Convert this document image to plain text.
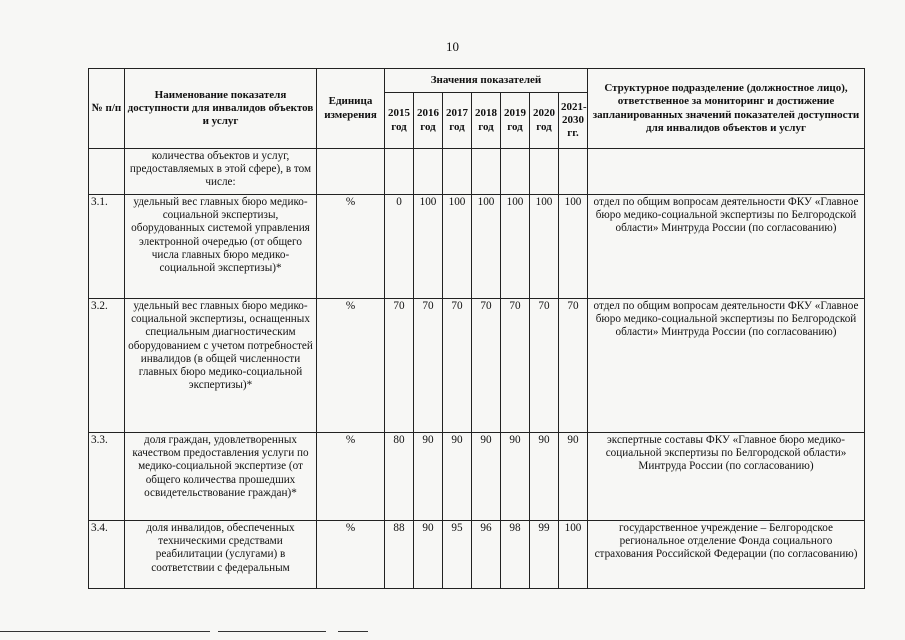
10
№ п/п	Наименование показателя доступности для инвалидов объектов и услуг	Единица измерения	Значения показателей							Структурное подразделение (должностное лицо), ответственное за мониторинг и достижение запланированных значений показателей доступности для инвалидов объектов и услуг
			2015 год	2016 год	2017 год	2018 год	2019 год	2020 год	2021-2030 гг.	
	количества объектов и услуг, предоставляемых в этой сфере), в том числе:									
3.1.	удельный вес главных бюро медико-социальной экспертизы, оборудованных системой управления электронной очередью (от общего числа главных бюро медико-социальной экспертизы)*	%	0	100	100	100	100	100	100	отдел по общим вопросам деятельности ФКУ «Главное бюро медико-социальной экспертизы по Белгородской области» Минтруда России (по согласованию)
3.2.	удельный вес главных бюро медико-социальной экспертизы, оснащенных специальным диагностическим оборудованием с учетом потребностей инвалидов (в общей численности главных бюро медико-социальной экспертизы)*	%	70	70	70	70	70	70	70	отдел по общим вопросам деятельности ФКУ «Главное бюро медико-социальной экспертизы по Белгородской области» Минтруда России (по согласованию)
3.3.	доля граждан, удовлетворенных качеством предоставления услуги по медико-социальной экспертизе (от общего количества прошедших освидетельствование граждан)*	%	80	90	90	90	90	90	90	экспертные составы ФКУ «Главное бюро медико-социальной экспертизы по Белгородской области» Минтруда России (по согласованию)
3.4.	доля инвалидов, обеспеченных техническими средствами реабилитации (услугами) в соответствии с федеральным	%	88	90	95	96	98	99	100	государственное учреждение – Белгородское региональное отделение Фонда социального страхования Российской Федерации (по согласованию)
